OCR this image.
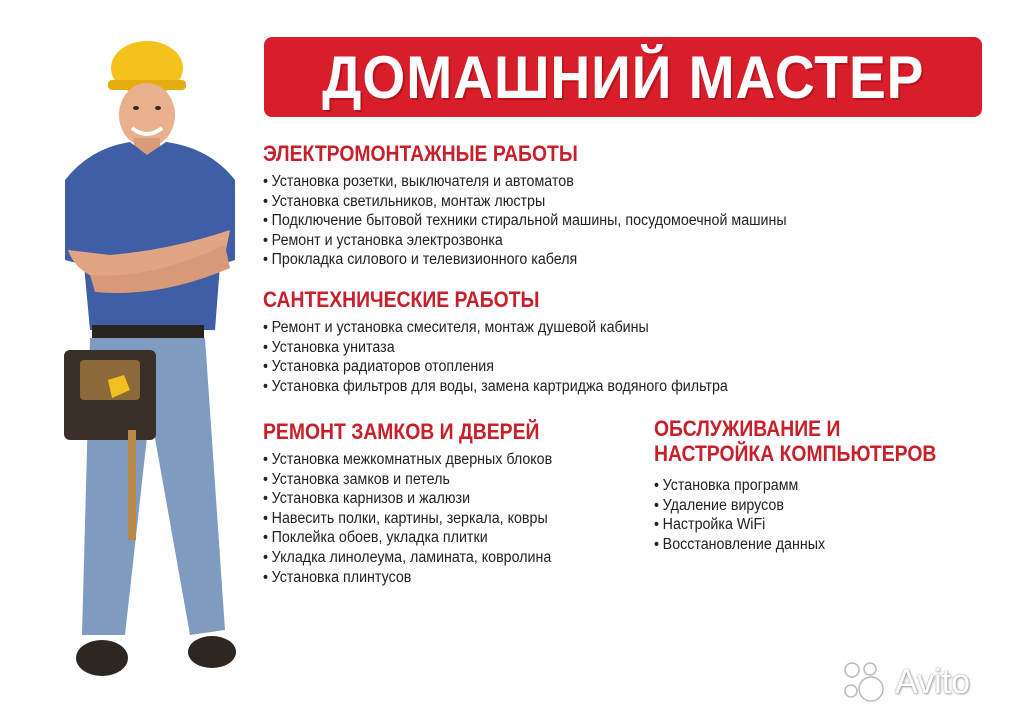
ДОМАШНИЙ МАСТЕР
ЭЛЕКТРОМОНТАЖНЫЕ РАБОТЫ
• Установка розетки, выключателя и автоматов
• Установка светильников, монтаж люстры
• Подключение бытовой техники стиральной машины, посудомоечной машины
• Ремонт и установка электрозвонка
• Прокладка силового и телевизионного кабеля
САНТЕХНИЧЕСКИЕ РАБОТЫ
• Ремонт и установка смесителя, монтаж душевой кабины
• Установка унитаза
• Установка радиаторов отопления
• Установка фильтров для воды, замена картриджа водяного фильтра
РЕМОНТ ЗАМКОВ И ДВЕРЕЙ
• Установка межкомнатных дверных блоков
• Установка замков и петель
• Установка карнизов и жалюзи
• Навесить полки, картины, зеркала, ковры
• Поклейка обоев, укладка плитки
• Укладка линолеума, ламината, ковролина
• Установка плинтусов
ОБСЛУЖИВАНИЕ И
НАСТРОЙКА КОМПЬЮТЕРОВ
• Установка программ
• Удаление вирусов
• Настройка WiFi
• Восстановление данных
Avito
